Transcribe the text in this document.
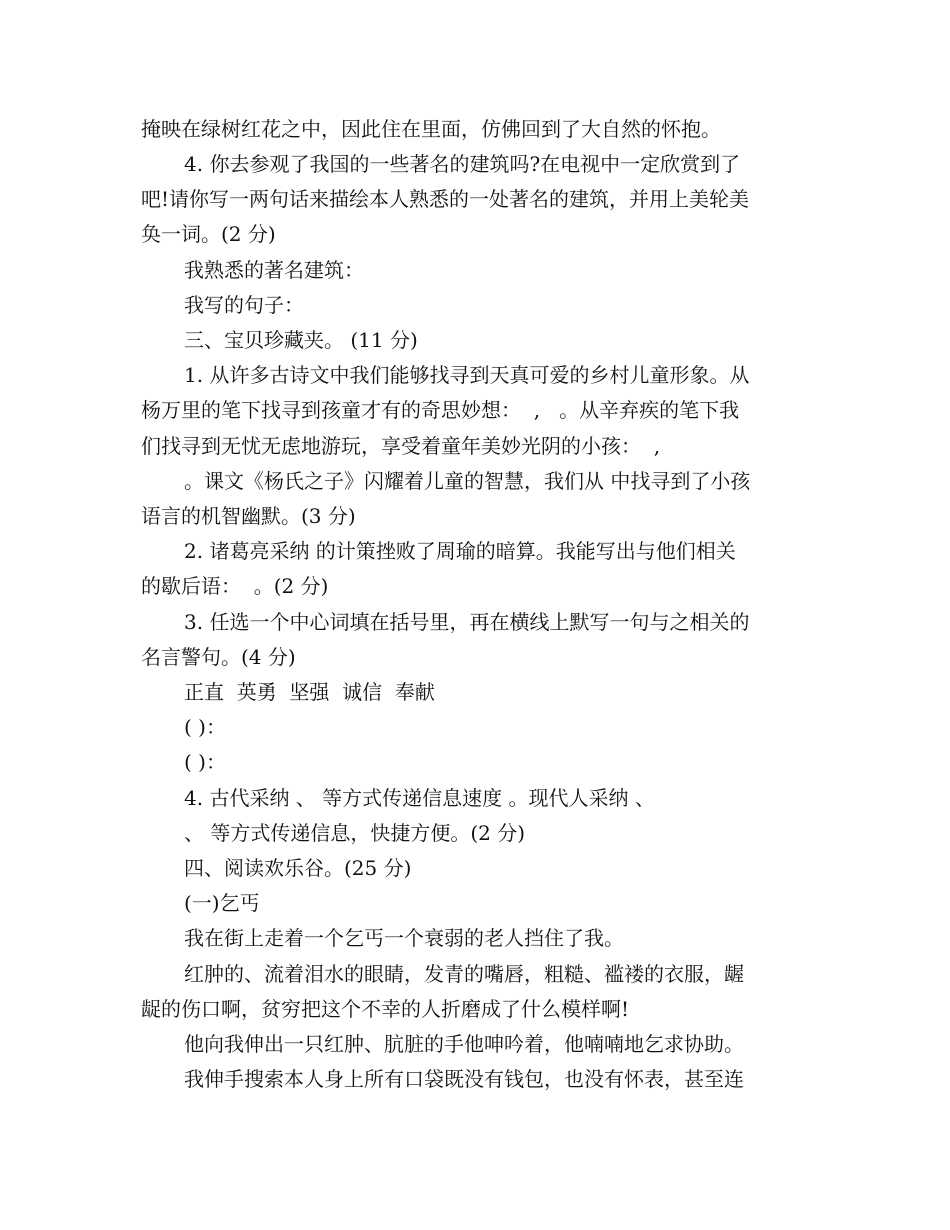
掩映在绿树红花之中，因此住在里面，仿佛回到了大自然的怀抱。
4. 你去参观了我国的一些著名的建筑吗?在电视中一定欣赏到了
吧!请你写一两句话来描绘本人熟悉的一处著名的建筑，并用上美轮美
奂一词。(2 分)
我熟悉的著名建筑：
我写的句子：
三、宝贝珍藏夹。 (11 分)
1. 从许多古诗文中我们能够找寻到天真可爱的乡村儿童形象。从
杨万里的笔下找寻到孩童才有的奇思妙想：  ,   。从辛弃疾的笔下我
们找寻到无忧无虑地游玩，享受着童年美妙光阴的小孩：  ,
。课文《杨氏之子》闪耀着儿童的智慧，我们从 中找寻到了小孩
语言的机智幽默。(3 分)
2. 诸葛亮采纳 的计策挫败了周瑜的暗算。我能写出与他们相关
的歇后语：  。(2 分)
3. 任选一个中心词填在括号里，再在横线上默写一句与之相关的
名言警句。(4 分)
正直  英勇  坚强  诚信  奉献
( )：
( )：
4. 古代采纳 、 等方式传递信息速度 。现代人采纳 、
、 等方式传递信息，快捷方便。(2 分)
四、阅读欢乐谷。(25 分)
(一)乞丐
我在街上走着一个乞丐一个衰弱的老人挡住了我。
红肿的、流着泪水的眼睛，发青的嘴唇，粗糙、褴褛的衣服，龌
龊的伤口啊，贫穷把这个不幸的人折磨成了什么模样啊!
他向我伸出一只红肿、肮脏的手他呻吟着，他喃喃地乞求协助。
我伸手搜索本人身上所有口袋既没有钱包，也没有怀表，甚至连
